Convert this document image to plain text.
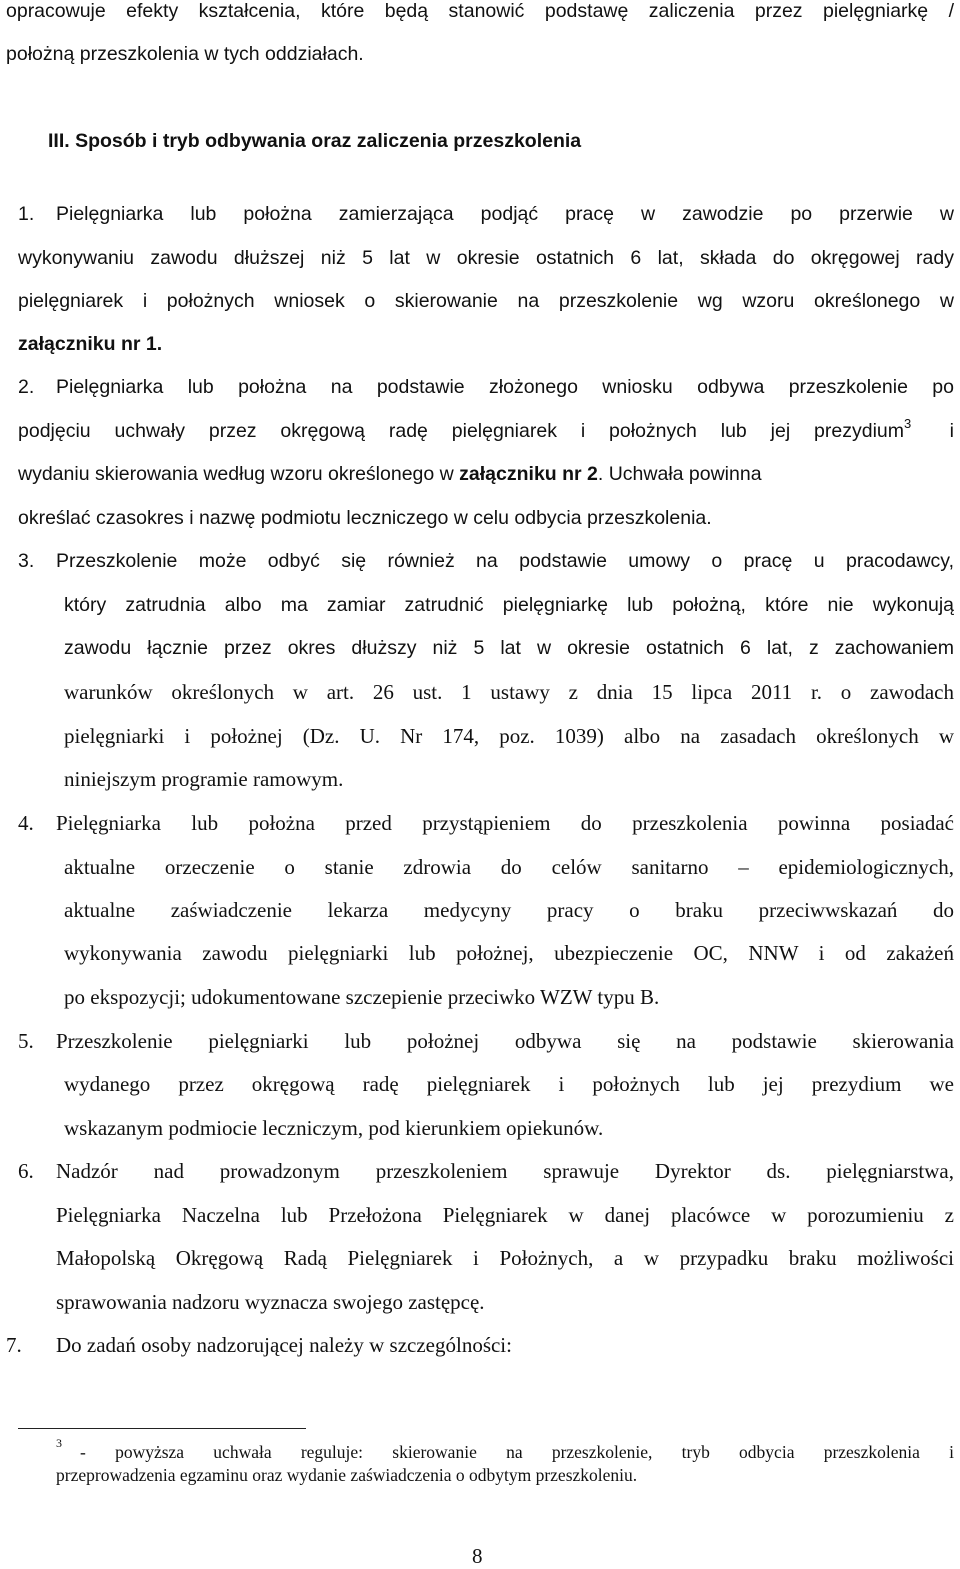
opracowuje efekty kształcenia, które będą stanowić podstawę zaliczenia przez pielęgniarkę /
położną przeszkolenia w tych oddziałach.
III. Sposób i tryb odbywania oraz zaliczenia przeszkolenia
1. Pielęgniarka lub położna zamierzająca podjąć pracę w zawodzie po przerwie w
wykonywaniu zawodu dłuższej niż 5 lat w okresie ostatnich 6 lat, składa do okręgowej rady
pielęgniarek i położnych wniosek o skierowanie na przeszkolenie wg wzoru określonego w
załączniku nr 1.
2. Pielęgniarka lub położna na podstawie złożonego wniosku odbywa przeszkolenie po
podjęciu uchwały przez okręgową radę pielęgniarek i położnych lub jej prezydium$^3$ i
wydaniu skierowania według wzoru określonego w załączniku nr 2. Uchwała powinna
określać czasokres i nazwę podmiotu leczniczego w celu odbycia przeszkolenia.
3. Przeszkolenie może odbyć się również na podstawie umowy o pracę u pracodawcy,
który zatrudnia albo ma zamiar zatrudnić pielęgniarkę lub położną, które nie wykonują
zawodu łącznie przez okres dłuższy niż 5 lat w okresie ostatnich 6 lat, z zachowaniem
warunków określonych w art. 26 ust. 1 ustawy z dnia 15 lipca 2011 r. o zawodach
pielęgniarki i położnej (Dz. U. Nr 174, poz. 1039) albo na zasadach określonych w
niniejszym programie ramowym.
4. Pielęgniarka lub położna przed przystąpieniem do przeszkolenia powinna posiadać
aktualne orzeczenie o stanie zdrowia do celów sanitarno – epidemiologicznych,
aktualne zaświadczenie lekarza medycyny pracy o braku przeciwwskazań do
wykonywania zawodu pielęgniarki lub położnej, ubezpieczenie OC, NNW i od zakażeń
po ekspozycji; udokumentowane szczepienie przeciwko WZW typu B.
5. Przeszkolenie pielęgniarki lub położnej odbywa się na podstawie skierowania
wydanego przez okręgową radę pielęgniarek i położnych lub jej prezydium we
wskazanym podmiocie leczniczym, pod kierunkiem opiekunów.
6. Nadzór nad prowadzonym przeszkoleniem sprawuje Dyrektor ds. pielęgniarstwa,
Pielęgniarka Naczelna lub Przełożona Pielęgniarek w danej placówce w porozumieniu z
Małopolską Okręgową Radą Pielęgniarek i Położnych, a w przypadku braku możliwości
sprawowania nadzoru wyznacza swojego zastępcę.
7. Do zadań osoby nadzorującej należy w szczególności:
3 - powyższa uchwała reguluje: skierowanie na przeszkolenie, tryb odbycia przeszkolenia i
przeprowadzenia egzaminu oraz wydanie zaświadczenia o odbytym przeszkoleniu.
8
